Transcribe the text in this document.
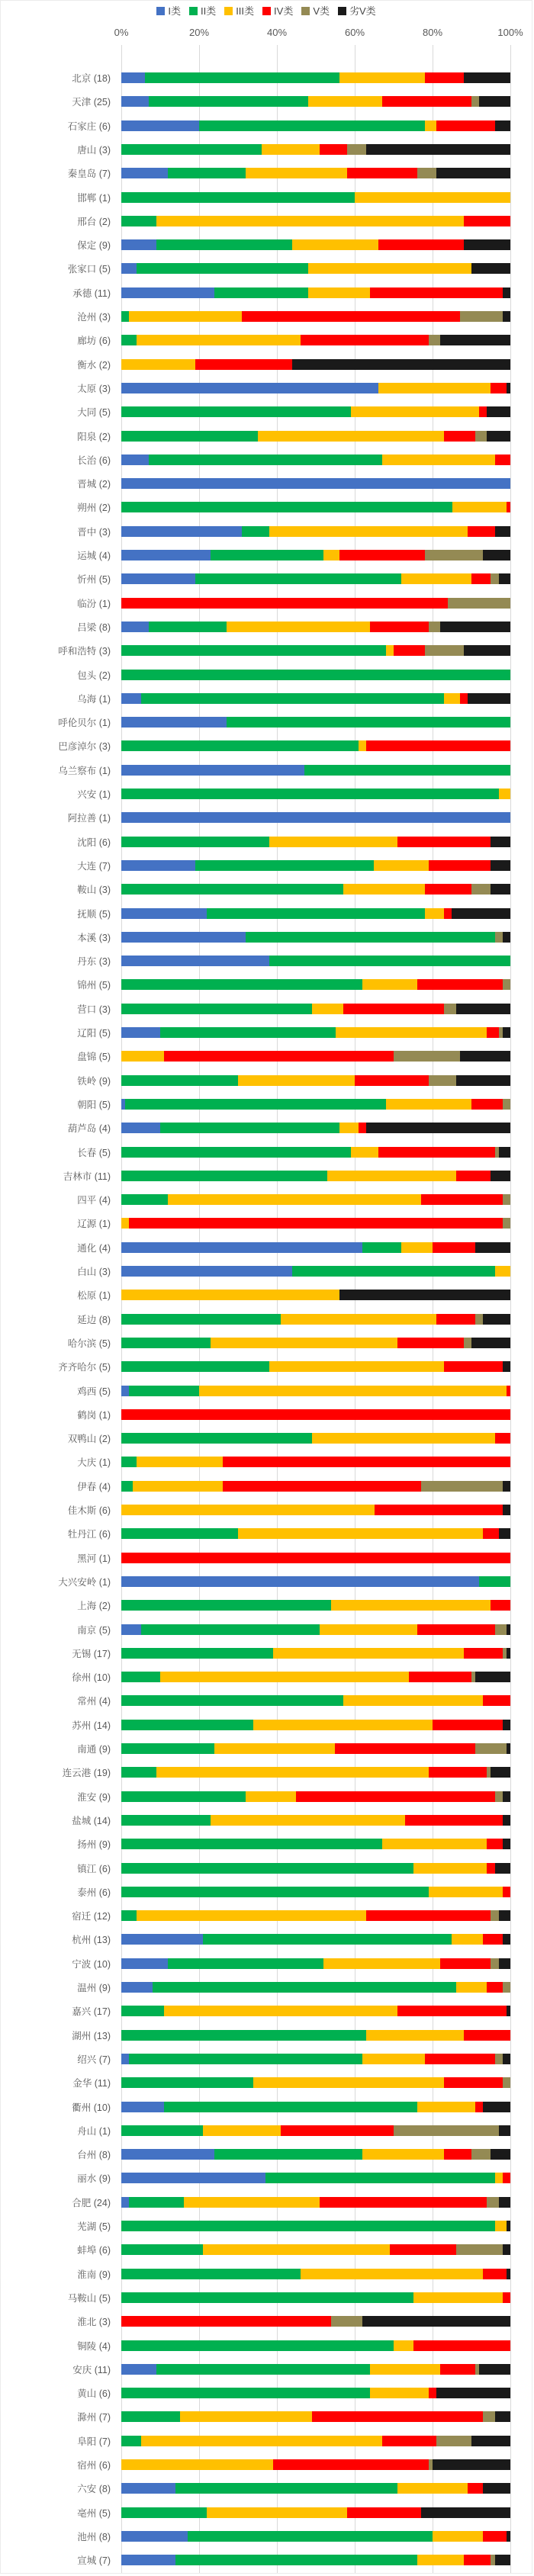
I类 II类 III类 IV类 V类 劣V类
0%	20%	40%	60%	80%	100%
北京 (18)
天津 (25)
石家庄 (6)
唐山 (3)
秦皇岛 (7)
邯郸 (1)
邢台 (2)
保定 (9)
张家口 (5)
承德 (11)
沧州 (3)
廊坊 (6)
衡水 (2)
太原 (3)
大同 (5)
阳泉 (2)
长治 (6)
晋城 (2)
朔州 (2)
晋中 (3)
运城 (4)
忻州 (5)
临汾 (1)
吕梁 (8)
呼和浩特 (3)
包头 (2)
乌海 (1)
呼伦贝尔 (1)
巴彦淖尔 (3)
乌兰察布 (1)
兴安 (1)
阿拉善 (1)
沈阳 (6)
大连 (7)
鞍山 (3)
抚顺 (5)
本溪 (3)
丹东 (3)
锦州 (5)
营口 (3)
辽阳 (5)
盘锦 (5)
铁岭 (9)
朝阳 (5)
葫芦岛 (4)
长春 (5)
吉林市 (11)
四平 (4)
辽源 (1)
通化 (4)
白山 (3)
松原 (1)
延边 (8)
哈尔滨 (5)
齐齐哈尔 (5)
鸡西 (5)
鹤岗 (1)
双鸭山 (2)
大庆 (1)
伊春 (4)
佳木斯 (6)
牡丹江 (6)
黑河 (1)
大兴安岭 (1)
上海 (2)
南京 (5)
无锡 (17)
徐州 (10)
常州 (4)
苏州 (14)
南通 (9)
连云港 (19)
淮安 (9)
盐城 (14)
扬州 (9)
镇江 (6)
泰州 (6)
宿迁 (12)
杭州 (13)
宁波 (10)
温州 (9)
嘉兴 (17)
湖州 (13)
绍兴 (7)
金华 (11)
衢州 (10)
舟山 (1)
台州 (8)
丽水 (9)
合肥 (24)
芜湖 (5)
蚌埠 (6)
淮南 (9)
马鞍山 (5)
淮北 (3)
铜陵 (4)
安庆 (11)
黄山 (6)
滁州 (7)
阜阳 (7)
宿州 (6)
六安 (8)
亳州 (5)
池州 (8)
宣城 (7)
